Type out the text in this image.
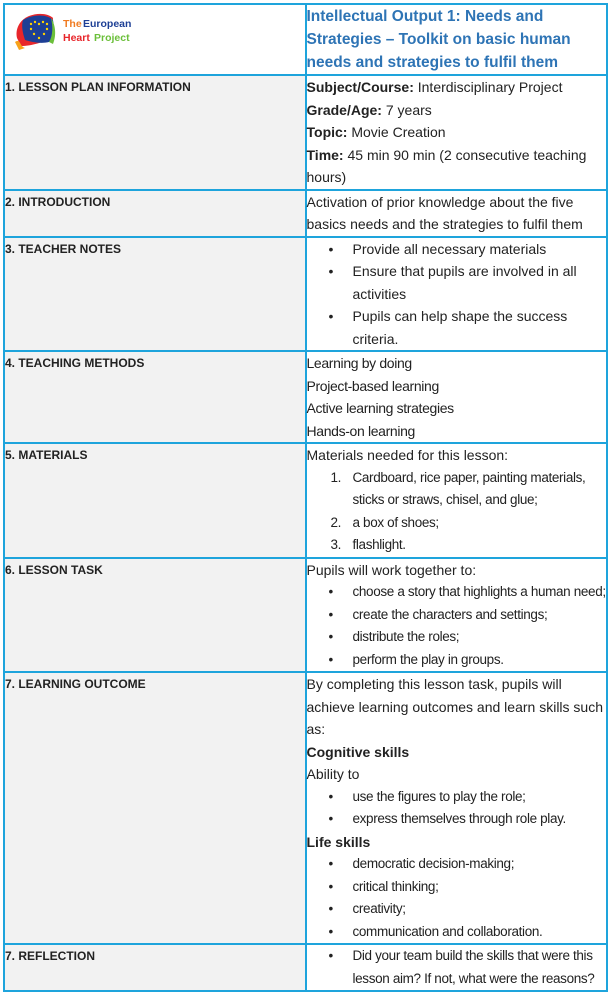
The European
Heart Project	Intellectual Output 1: Needs and Strategies – Toolkit on basic human needs and strategies to fulfil them
1. LESSON PLAN INFORMATION	Subject/Course: Interdisciplinary Project
Grade/Age: 7 years
Topic: Movie Creation
Time: 45 min 90 min (2 consecutive teaching hours)

2. INTRODUCTION	Activation of prior knowledge about the five basics needs and the strategies to fulfil them
3. TEACHER NOTES	• Provide all necessary materials
• Ensure that pupils are involved in all activities
• Pupils can help shape the success criteria.

4. TEACHING METHODS	Learning by doing
Project-based learning
Active learning strategies
Hands-on learning

5. MATERIALS	Materials needed for this lesson:
1. Cardboard, rice paper, painting materials, sticks or straws, chisel, and glue;
2. a box of shoes;
3. flashlight.

6. LESSON TASK	Pupils will work together to:
• choose a story that highlights a human need;
• create the characters and settings;
• distribute the roles;
• perform the play in groups.

7. LEARNING OUTCOME	By completing this lesson task, pupils will achieve learning outcomes and learn skills such as:
Cognitive skills
Ability to
• use the figures to play the role;
• express themselves through role play.
Life skills
• democratic decision-making;
• critical thinking;
• creativity;
• communication and collaboration.

7. REFLECTION	• Did your team build the skills that were this lesson aim? If not, what were the reasons?
